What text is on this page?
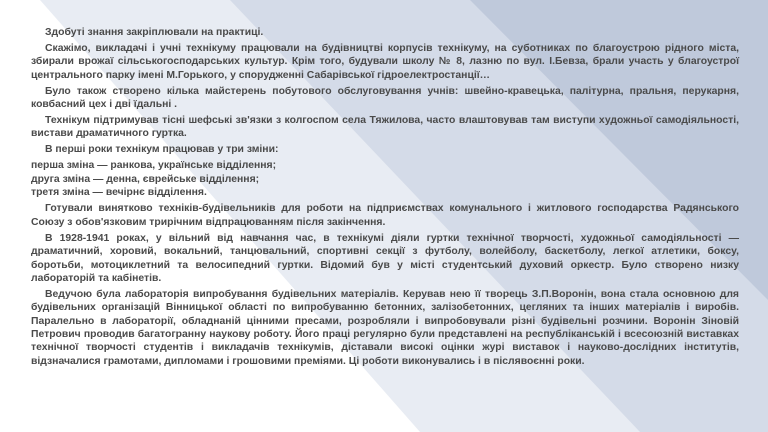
Здобуті знання закріплювали на практиці.

Скажімо, викладачі і учні технікуму працювали на будівництві корпусів технікуму, на суботниках по благоустрою рідного міста, збирали врожаї сільськогосподарських культур. Крім того, будували школу № 8, лазню по вул. І.Бевза, брали участь у благоустрої центрального парку імені М.Горького, у спорудженні Сабарівської гідроелектростанції…

Було також створено кілька майстерень побутового обслуговування учнів: швейно-кравецька, палітурна, пральня, перукарня, ковбасний цех і дві їдальні .

Технікум підтримував тісні шефські зв'язки з колгоспом села Тяжилова, часто влаштовував там виступи художньої самодіяльності, вистави драматичного гуртка.

В перші роки технікум працював у три зміни:

перша зміна — ранкова, українське відділення;

друга зміна — денна, єврейське відділення;

третя зміна — вечірнє відділення.

Готували винятково техніків-будівельників для роботи на підприємствах комунального і житлового господарства Радянського Союзу з обов'язковим трирічним відпрацюванням після закінчення.

В 1928-1941 роках, у вільний від навчання час, в технікумі діяли гуртки технічної творчості, художньої самодіяльності — драматичний, хоровий, вокальний, танцювальний, спортивні секції з футболу, волейболу, баскетболу, легкої атлетики, боксу, боротьби, мотоциклетний та велосипедний гуртки. Відомий був у місті студентський духовий оркестр. Було створено низку лабораторій та кабінетів.

Ведучою була лабораторія випробування будівельних матеріалів. Керував нею її творець З.П.Воронін, вона стала основною для будівельних організацій Вінницької області по випробуванню бетонних, залізобетонних, цегляних та інших матеріалів і виробів. Паралельно в лабораторії, обладнаній цінними пресами, розробляли і випробовували різні будівельні розчини. Воронін Зіновій Петрович проводив багатогранну наукову роботу. Його праці регулярно були представлені на республіканській і всесоюзній виставках технічної творчості студентів і викладачів технікумів, діставали високі оцінки журі виставок і науково-дослідних інститутів, відзначалися грамотами, дипломами і грошовими преміями. Ці роботи виконувались і в післявоєнні роки.
